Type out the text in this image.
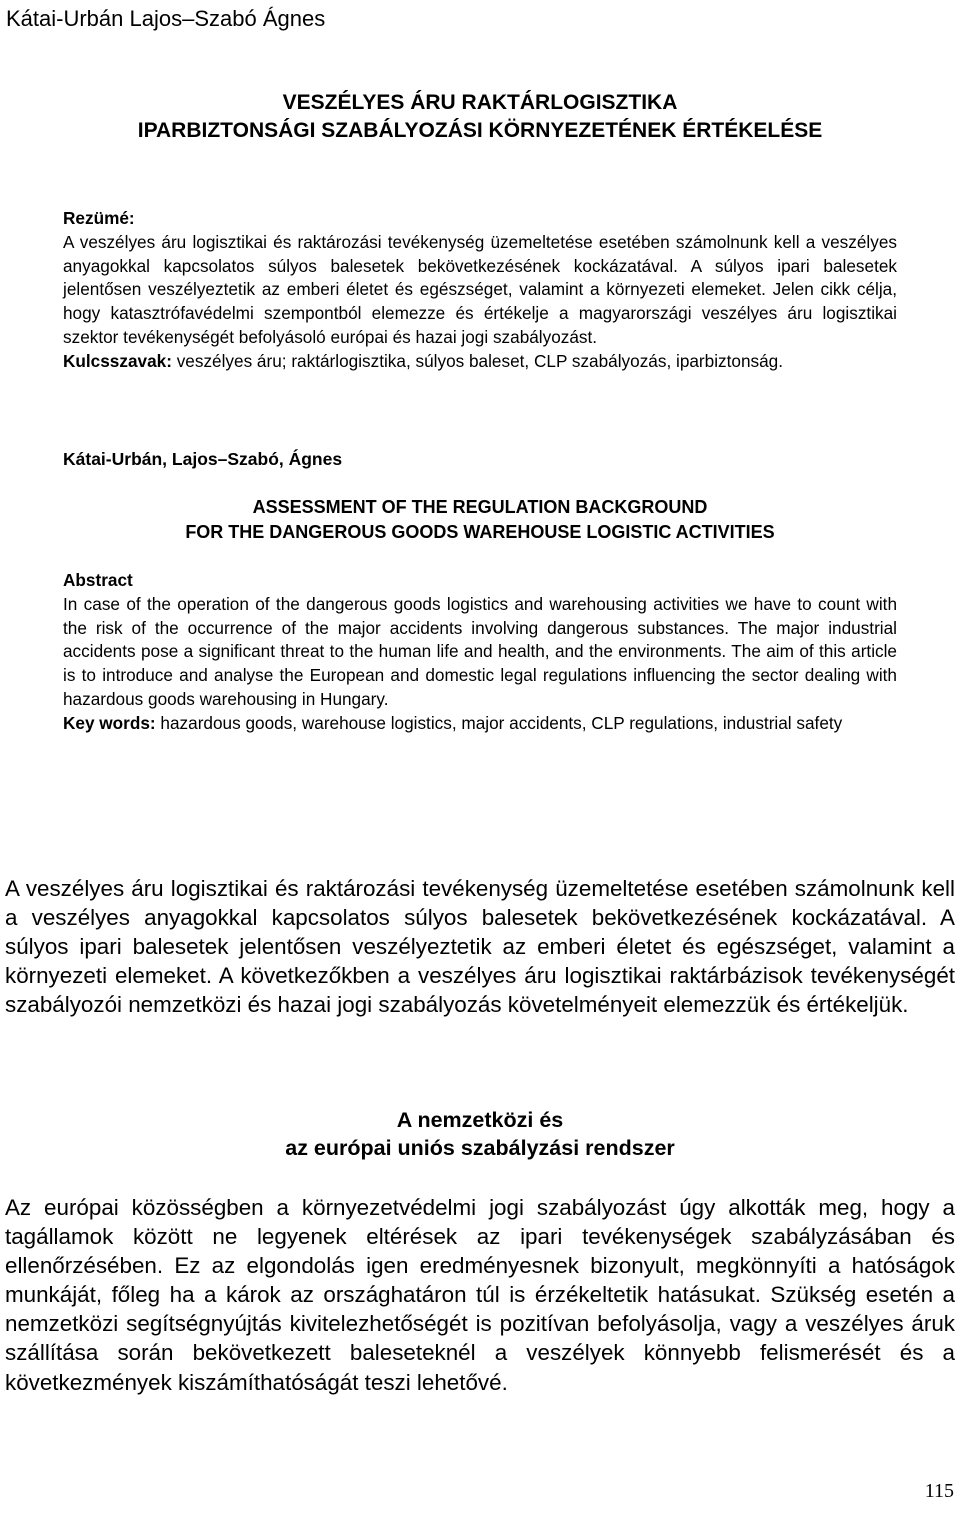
Kátai-Urbán Lajos–Szabó Ágnes
VESZÉLYES ÁRU RAKTÁRLOGISZTIKA
IPARBIZTONSÁGI SZABÁLYOZÁSI KÖRNYEZETÉNEK ÉRTÉKELÉSE

Rezümé:

A veszélyes áru logisztikai és raktározási tevékenység üzemeltetése esetében számolnunk kell a veszélyes anyagokkal kapcsolatos súlyos balesetek bekövetkezésének kockázatával. A súlyos ipari balesetek jelentősen veszélyeztetik az emberi életet és egészséget, valamint a környezeti elemeket. Jelen cikk célja, hogy katasztrófavédelmi szempontból elemezze és értékelje a magyarországi veszélyes áru logisztikai szektor tevékenységét befolyásoló európai és hazai jogi szabályozást.

Kulcsszavak: veszélyes áru; raktárlogisztika, súlyos baleset, CLP szabályozás, iparbiztonság.

Kátai-Urbán, Lajos–Szabó, Ágnes
ASSESSMENT OF THE REGULATION BACKGROUND
FOR THE DANGEROUS GOODS WAREHOUSE LOGISTIC ACTIVITIES

Abstract

In case of the operation of the dangerous goods logistics and warehousing activities we have to count with the risk of the occurrence of the major accidents involving dangerous substances. The major industrial accidents pose a significant threat to the human life and health, and the environments. The aim of this article is to introduce and analyse the European and domestic legal regulations influencing the sector dealing with hazardous goods warehousing in Hungary.

Key words: hazardous goods, warehouse logistics, major accidents, CLP regulations, industrial safety

A veszélyes áru logisztikai és raktározási tevékenység üzemeltetése esetében számolnunk kell a veszélyes anyagokkal kapcsolatos súlyos balesetek bekövetkezésének kockázatával. A súlyos ipari balesetek jelentősen veszélyeztetik az emberi életet és egészséget, valamint a környezeti elemeket. A következőkben a veszélyes áru logisztikai raktárbázisok tevékenységét szabályozói nemzetközi és hazai jogi szabályozás követelményeit elemezzük és értékeljük.

A nemzetközi és
az európai uniós szabályzási rendszer

Az európai közösségben a környezetvédelmi jogi szabályozást úgy alkották meg, hogy a tagállamok között ne legyenek eltérések az ipari tevékenységek szabályzásában és ellenőrzésében. Ez az elgondolás igen eredményesnek bizonyult, megkönnyíti a hatóságok munkáját, főleg ha a károk az országhatáron túl is érzékeltetik hatásukat. Szükség esetén a nemzetközi segítségnyújtás kivitelezhetőségét is pozitívan befolyásolja, vagy a veszélyes áruk szállítása során bekövetkezett baleseteknél a veszélyek könnyebb felismerését és a következmények kiszámíthatóságát teszi lehetővé.

115
